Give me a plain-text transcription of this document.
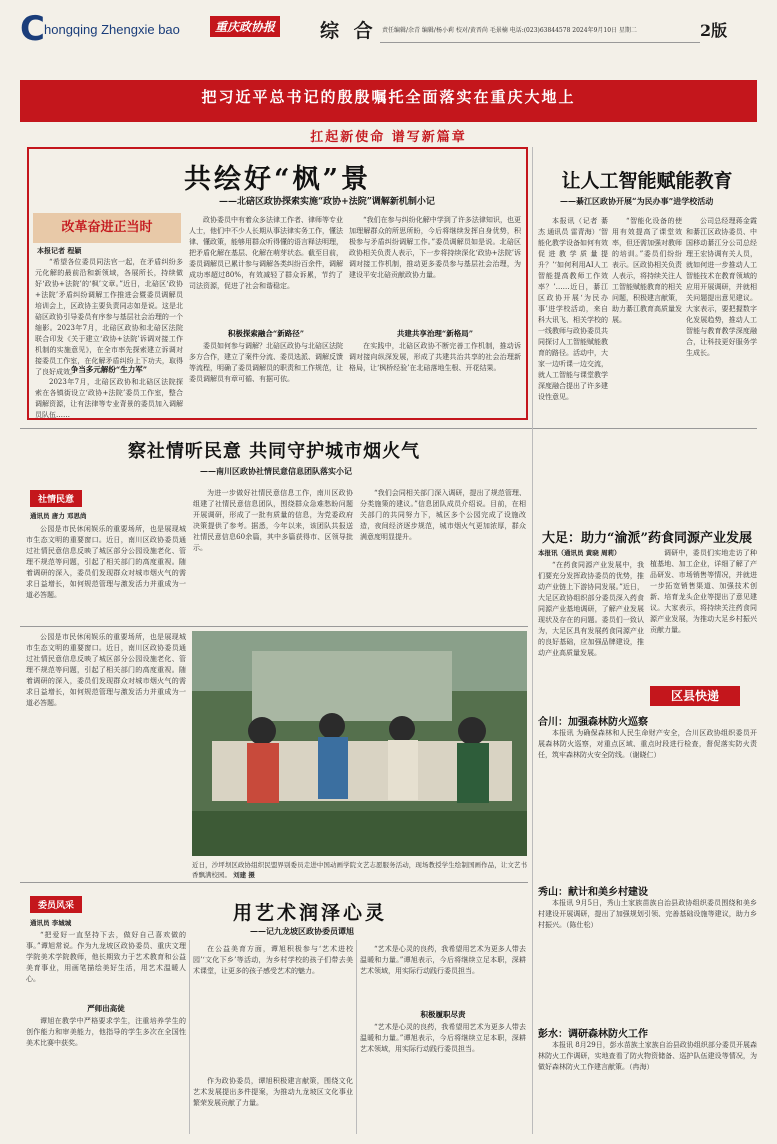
C hongqing Zhengxie bao	重庆政协报 综 合 责任编辑/余青 编辑/杨小莉 校对/黄晋尚 毛景楠 电话:(023)63844578 2024年9月10日 星期二	2版
把习近平总书记的殷殷嘱托全面落实在重庆大地上
扛起新使命 谱写新篇章
共绘好“枫”景
——北碚区政协探索实施“政协+法院”调解新机制小记
改革奋进正当时
本报记者 程颖

“希望各位委员同法官一起，在矛盾纠纷多元化解的最前沿和新领域，各展所长，持续做好‘政协+法院’的‘枫’文章。”近日，北碚区‘政协+法院’矛盾纠纷调解工作推进会暨委员调解员培训会上，区政协主要负责同志如是说。这是北碚区政协引导委员有序参与基层社会治理的一个缩影。2023年7月，北碚区政协和北碚区法院联合印发《关于建立‘政协+法院’诉调对接工作机制的实施意见》，在全市率先探索建立诉调对接委员工作室，在化解矛盾纠纷上下功夫，取得了良好成效。

争当多元解纷“生力军”

2023年7月，北碚区政协和北碚区法院探索在各镇街设立‘政协+法院’委员工作室，整合调解资源，让有法律等专业背景的委员加入调解员队伍……

政协委员中有着众多法律工作者、律师等专业人士，他们中不少人长期从事法律实务工作，懂法律、懂政策，能够用群众听得懂的语言释法明理，把矛盾化解在基层、化解在萌芽状态。截至目前，委员调解员已累计参与调解各类纠纷百余件，调解成功率超过80%，有效减轻了群众诉累，节约了司法资源，促进了社会和谐稳定。

积极探索融合“新路径”

委员如何参与调解？北碚区政协与北碚区法院多方合作，建立了案件分流、委员选派、调解反馈等流程，明确了委员调解员的职责和工作规范，让委员调解员有章可循、有据可依。

“我们在参与纠纷化解中学到了许多法律知识，也更加理解群众的所思所盼，今后将继续发挥自身优势，积极参与矛盾纠纷调解工作。”委员调解员如是说。北碚区政协相关负责人表示，下一步将持续深化‘政协+法院’诉调对接工作机制，推动更多委员参与基层社会治理，为建设平安北碚贡献政协力量。

共建共享治理“新格局”

在实践中，北碚区政协不断完善工作机制，推动诉调对接向纵深发展，形成了共建共治共享的社会治理新格局，让‘枫桥经验’在北碚落地生根、开花结果。

让人工智能赋能教育
——綦江区政协开展“为民办事”进学校活动

本报讯（记者 綦杰 通讯员 雷青海）‘智能化教学设备如何有效促进教学质量提升？’‘如何利用AI人工智能提高教师工作效率？’……近日，綦江区政协开展‘为民办事’进学校活动，来自科大讯飞、相关学校的一线教师与政协委员共同探讨人工智能赋能教育的路径。活动中，大家一边听课一边交流，就人工智能与课堂教学深度融合提出了许多建设性意见。

“智能化设备的使用有效提高了课堂效率，但还需加强对教师的培训。”委员们纷纷表示。区政协相关负责人表示，将持续关注人工智能赋能教育的相关问题，积极建言献策，助力綦江教育高质量发展。

公司总经理蒋金霞和綦江区政协委员、中国移动綦江分公司总经理王宏协调有关人员，就如何进一步推动人工智能技术在教育领域的应用开展调研，并就相关问题提出意见建议。大家表示，要把握数字化发展趋势，推动人工智能与教育教学深度融合，让科技更好服务学生成长。

察社情听民意 共同守护城市烟火气
——南川区政协社情民意信息团队落实小记
社情民意
通讯员 唐力 邓思尚

公园是市民休闲娱乐的重要场所，也是展现城市生态文明的重要窗口。近日，南川区政协委员通过社情民意信息反映了城区部分公园设施老化、管理不规范等问题，引起了相关部门的高度重视。随着调研的深入，委员们发现群众对城市烟火气的需求日益增长，如何规范管理与激发活力并重成为一道必答题。

为进一步做好社情民意信息工作，南川区政协组建了社情民意信息团队，围绕群众急难愁盼问题开展调研，形成了一批有质量的信息，为党委政府决策提供了参考。据悉，今年以来，该团队共报送社情民意信息60余篇，其中多篇获得市、区领导批示。

“我们会同相关部门深入调研，提出了规范管理、分类施策的建议。”信息团队成员介绍说。目前，在相关部门的共同努力下，城区多个公园完成了设施改造，夜间经济逐步规范，城市烟火气更加浓厚，群众满意度明显提升。	大足：助力“渝派”药食同源产业发展
本报讯（通讯员 黄晓 周莉）

“在药食同源产业发展中，我们要充分发挥政协委员的优势，推动产业链上下游协同发展。”近日，大足区政协组织部分委员深入药食同源产业基地调研，了解产业发展现状及存在的问题。委员们一致认为，大足区具有发展药食同源产业的良好基础，应加强品牌建设，推动产业高质量发展。

调研中，委员们实地走访了种植基地、加工企业，详细了解了产品研发、市场销售等情况，并就进一步拓宽销售渠道、加强技术创新、培育龙头企业等提出了意见建议。大家表示，将持续关注药食同源产业发展，为推动大足乡村振兴贡献力量。

区县快递
合川：加强森林防火巡察

本报讯 为确保森林和人民生命财产安全，合川区政协组织委员开展森林防火巡察，对重点区域、重点时段进行检查，督促落实防火责任，筑牢森林防火安全防线。（谢晓仁）

秀山：献计和美乡村建设

本报讯 9月5日，秀山土家族苗族自治县政协组织委员围绕和美乡村建设开展调研，提出了加强规划引领、完善基础设施等建议，助力乡村振兴。（陈仕松）

彭水：调研森林防火工作

本报讯 8月29日，彭水苗族土家族自治县政协组织部分委员开展森林防火工作调研，实地查看了防火物资储备、巡护队伍建设等情况，为做好森林防火工作建言献策。（冉海）

公园是市民休闲娱乐的重要场所，也是展现城市生态文明的重要窗口。近日，南川区政协委员通过社情民意信息反映了城区部分公园设施老化、管理不规范等问题，引起了相关部门的高度重视。随着调研的深入，委员们发现群众对城市烟火气的需求日益增长，如何规范管理与激发活力并重成为一道必答题。

近日，沙坪坝区政协组织民盟界别委员走进中国动画学院文艺志愿服务活动，现场教授学生绘制国画作品，让文艺书香飘满校园。 刘建 摄
委员风采
通讯员 李城城	用艺术润泽心灵
——记九龙坡区政协委员谭旭

“把爱好一直坚持下去，做好自己喜欢做的事。”谭旭常说。作为九龙坡区政协委员、重庆文理学院美术学院教师，他长期致力于艺术教育和公益美育事业，用画笔描绘美好生活，用艺术温暖人心。

严师出高徒

谭旭在教学中严格要求学生，注重培养学生的创作能力和审美能力，他指导的学生多次在全国性美术比赛中获奖。

在公益美育方面，谭旭积极参与‘艺术进校园’‘文化下乡’等活动，为乡村学校的孩子们带去美术课堂，让更多的孩子感受艺术的魅力。

积极履职尽责

作为政协委员，谭旭积极建言献策，围绕文化艺术发展提出多件提案，为推动九龙坡区文化事业繁荣发展贡献了力量。

“艺术是心灵的良药，我希望用艺术为更多人带去温暖和力量。”谭旭表示，今后将继续立足本职，深耕艺术领域，用实际行动践行委员担当。

“艺术是心灵的良药，我希望用艺术为更多人带去温暖和力量。”谭旭表示，今后将继续立足本职，深耕艺术领域，用实际行动践行委员担当。
